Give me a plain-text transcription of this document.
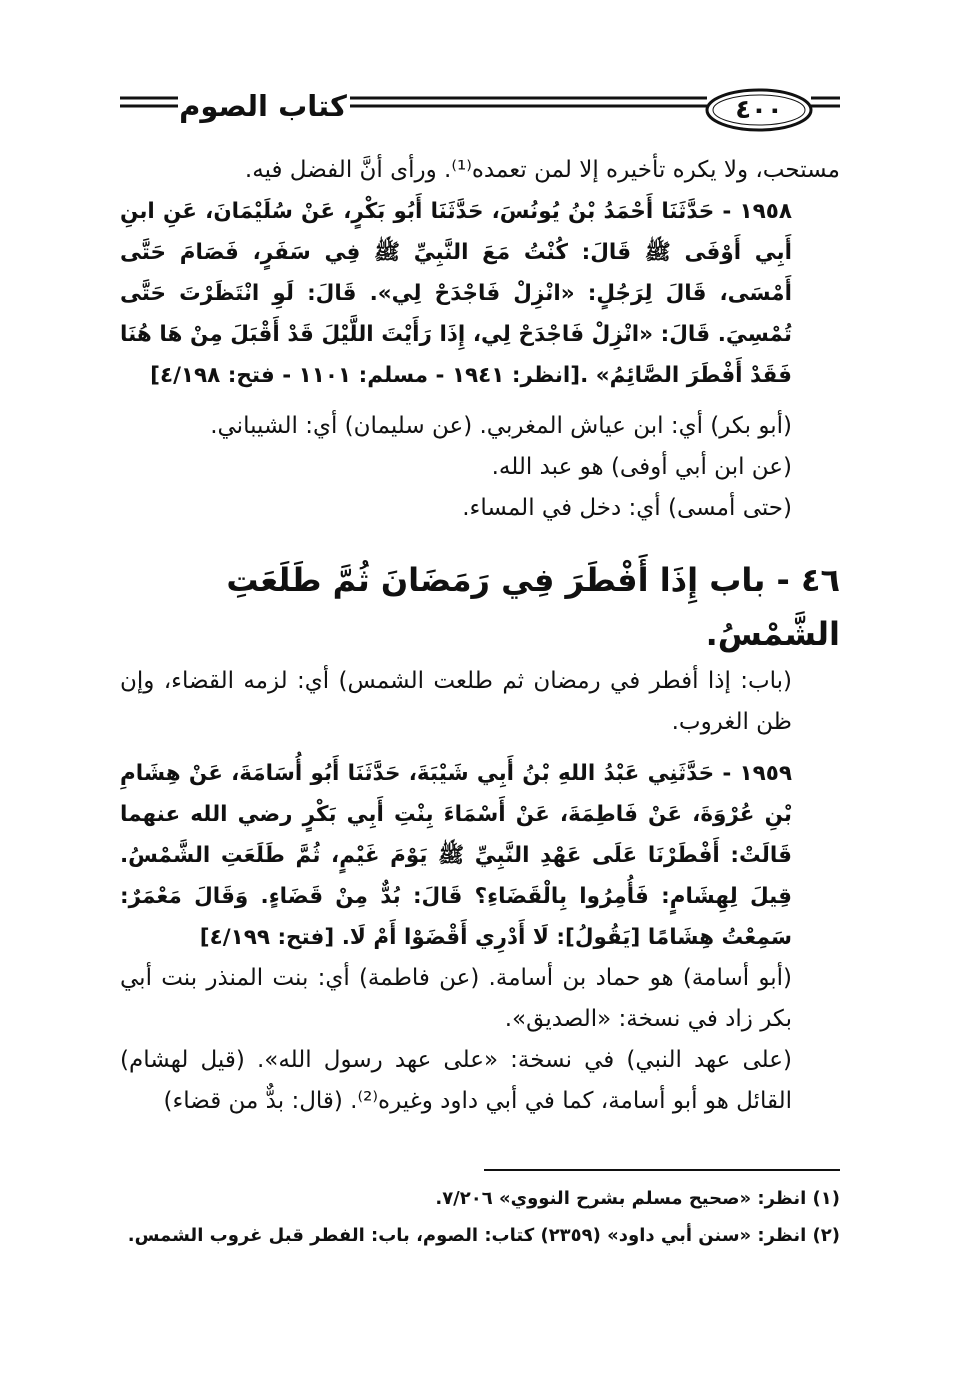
٤٠٠
كتاب الصوم

مستحب، ولا يكره تأخيره إلا لمن تعمده⁽¹⁾. ورأى أنَّ الفضل فيه.

١٩٥٨ - حَدَّثَنَا أَحْمَدُ بْنُ يُونُسَ، حَدَّثَنَا أَبُو بَكْرٍ، عَنْ سُلَيْمَانَ، عَنِ ابنِ أَبِي أَوْفَى ﷺ قَالَ: كُنْتُ مَعَ النَّبِيِّ ﷺ فِي سَفَرٍ، فَصَامَ حَتَّى أَمْسَى، قَالَ لِرَجُلٍ: «انْزِلْ فَاجْدَحْ لِي». قَالَ: لَوِ انْتَظَرْتَ حَتَّى تُمْسِيَ. قَالَ: «انْزِلْ فَاجْدَحْ لِي، إِذَا رَأَيْتَ اللَّيْلَ قَدْ أَقْبَلَ مِنْ هَا هُنَا فَقَدْ أَفْطَرَ الصَّائِمُ» .[انظر: ١٩٤١ - مسلم: ١١٠١ - فتح: ٤/١٩٨]

(أبو بكر) أي: ابن عياش المغربي. (عن سليمان) أي: الشيباني.

(عن ابن أبي أوفى) هو عبد الله.

(حتى أمسى) أي: دخل في المساء.

٤٦ - باب إِذَا أَفْطَرَ فِي رَمَضَانَ ثُمَّ طَلَعَتِ الشَّمْسُ.

(باب: إذا أفطر في رمضان ثم طلعت الشمس) أي: لزمه القضاء، وإن ظن الغروب.

١٩٥٩ - حَدَّثَنِي عَبْدُ اللهِ بْنُ أَبِي شَيْبَةَ، حَدَّثَنَا أَبُو أُسَامَةَ، عَنْ هِشَامِ بْنِ عُرْوَةَ، عَنْ فَاطِمَةَ، عَنْ أَسْمَاءَ بِنْتِ أَبِي بَكْرٍ رضي الله عنهما قَالَتْ: أَفْطَرْنَا عَلَى عَهْدِ النَّبِيِّ ﷺ يَوْمَ غَيْمٍ، ثُمَّ طَلَعَتِ الشَّمْسُ. قِيلَ لِهِشَامٍ: فَأُمِرُوا بِالْقَضَاءِ؟ قَالَ: بُدٌّ مِنْ قَضَاءٍ. وَقَالَ مَعْمَرٌ: سَمِعْتُ هِشَامًا [يَقُولُ]: لَا أَدْرِي أَقْضَوْا أَمْ لَا. [فتح: ٤/١٩٩]

(أبو أسامة) هو حماد بن أسامة. (عن فاطمة) أي: بنت المنذر بنت أبي بكر زاد في نسخة: «الصديق».

(على عهد النبي) في نسخة: «على عهد رسول الله». (قيل لهشام) القائل هو أبو أسامة، كما في أبي داود وغيره⁽²⁾. (قال: بدٌّ من قضاء)

(١) انظر: «صحيح مسلم بشرح النووي» ٧/٢٠٦.

(٢) انظر: «سنن أبي داود» (٢٣٥٩) كتاب: الصوم، باب: الفطر قبل غروب الشمس.
